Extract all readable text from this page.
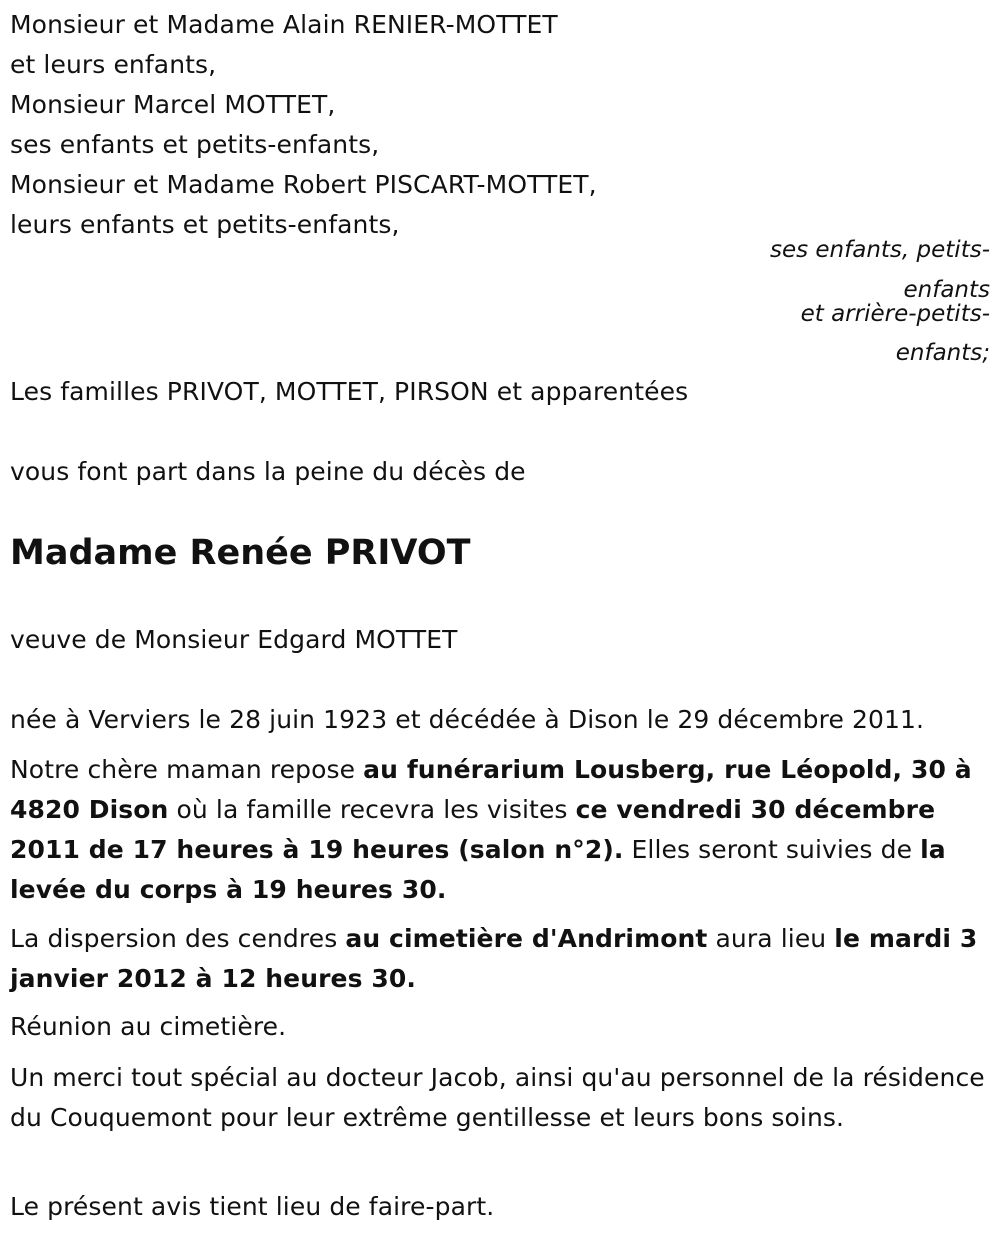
Monsieur et Madame Alain RENIER-MOTTET
et leurs enfants,
Monsieur Marcel MOTTET,
ses enfants et petits-enfants,
Monsieur et Madame Robert PISCART-MOTTET,
leurs enfants et petits-enfants,
ses enfants, petits-
enfants
et arrière-petits-
enfants;
Les familles PRIVOT, MOTTET, PIRSON et apparentées
vous font part dans la peine du décès de
Madame Renée PRIVOT
veuve de Monsieur Edgard MOTTET
née à Verviers le 28 juin 1923 et décédée à Dison le 29 décembre 2011.
Notre chère maman repose au funérarium Lousberg, rue Léopold, 30 à 4820 Dison où la famille recevra les visites ce vendredi 30 décembre 2011 de 17 heures à 19 heures (salon n°2). Elles seront suivies de la levée du corps à 19 heures 30.
La dispersion des cendres au cimetière d'Andrimont aura lieu le mardi 3 janvier 2012 à 12 heures 30.
Réunion au cimetière.
Un merci tout spécial au docteur Jacob, ainsi qu'au personnel de la résidence du Couquemont pour leur extrême gentillesse et leurs bons soins.
Le présent avis tient lieu de faire-part.
